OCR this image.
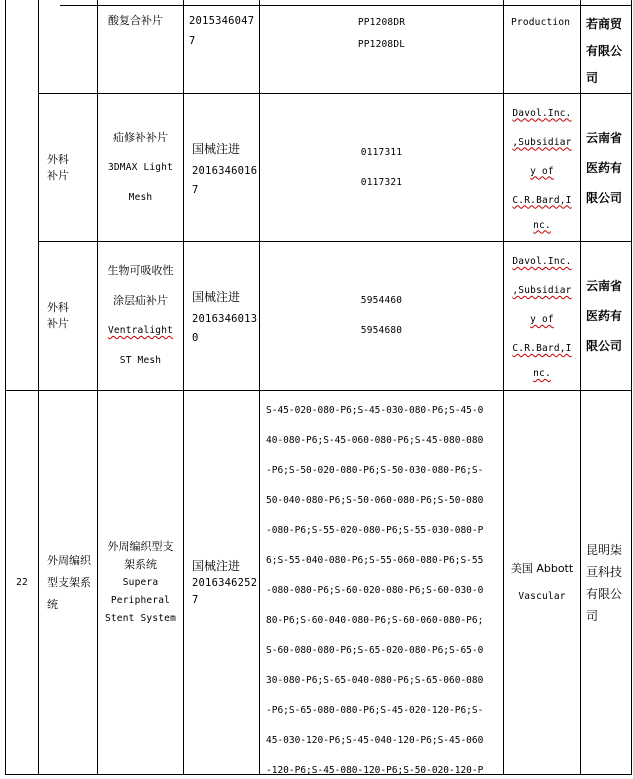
酸复合补片 2015346047

7

PP1208DR

PP1208DL

Production 若商贸

有限公

司

外科补片

疝修补补片

3DMAX Light

Mesh

国械注进

2016346016

7

0117311

0117321

Davol.Inc.

,Subsidiar

y of

C.R.Bard,I

nc.

云南省

医药有

限公司

外科补片

生物可吸收性

涂层疝补片

Ventralight

ST Mesh

国械注进

2016346013

0

5954460

5954680

Davol.Inc.

,Subsidiar

y of

C.R.Bard,I

nc.

云南省

医药有

限公司

22

外周编织型支架系统

外周编织型支

架系统

Supera

Peripheral

Stent System

国械注进

2016346252

7

S-45-020-080-P6;S-45-030-080-P6;S-45-0

40-080-P6;S-45-060-080-P6;S-45-080-080

-P6;S-50-020-080-P6;S-50-030-080-P6;S-

50-040-080-P6;S-50-060-080-P6;S-50-080

-080-P6;S-55-020-080-P6;S-55-030-080-P

6;S-55-040-080-P6;S-55-060-080-P6;S-55

-080-080-P6;S-60-020-080-P6;S-60-030-0

80-P6;S-60-040-080-P6;S-60-060-080-P6;

S-60-080-080-P6;S-65-020-080-P6;S-65-0

30-080-P6;S-65-040-080-P6;S-65-060-080

-P6;S-65-080-080-P6;S-45-020-120-P6;S-

45-030-120-P6;S-45-040-120-P6;S-45-060

-120-P6;S-45-080-120-P6;S-50-020-120-P

美国 Abbott

Vascular

昆明柒

亘科技

有限公

司
